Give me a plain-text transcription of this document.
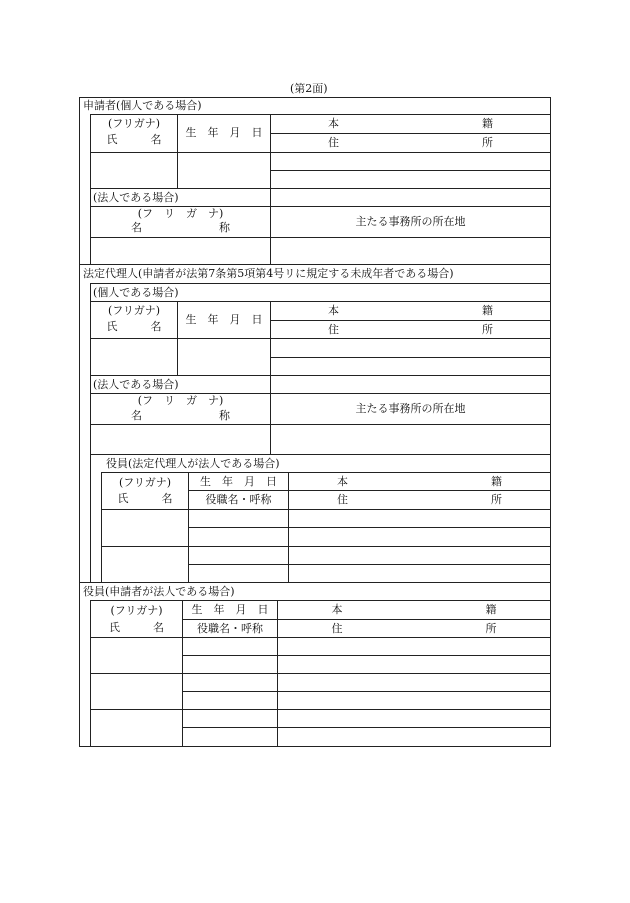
(第2面)
申請者(個人である場合)
(フリガナ)
氏　　　名
生　年　月　日
本　　　　　　　　　　　　　籍
住　　　　　　　　　　　　　所
(法人である場合)
(フ　リ　ガ　ナ)
名　　　　　　　称	主たる事務所の所在地
法定代理人(申請者が法第7条第5項第4号リに規定する未成年者である場合)
(個人である場合)
(フリガナ)
氏　　　名
生　年　月　日
本　　　　　　　　　　　　　籍
住　　　　　　　　　　　　　所
(法人である場合)
(フ　リ　ガ　ナ)
名　　　　　　　称
主たる事務所の所在地
役員(法定代理人が法人である場合)
(フリガナ)
氏　　　名
生　年　月　日
役職名・呼称
本　　　　　　　　　　　　　籍
住　　　　　　　　　　　　　所
役員(申請者が法人である場合)
(フリガナ)
氏　　　名
生　年　月　日
役職名・呼称
本　　　　　　　　　　　　　籍
住　　　　　　　　　　　　　所
